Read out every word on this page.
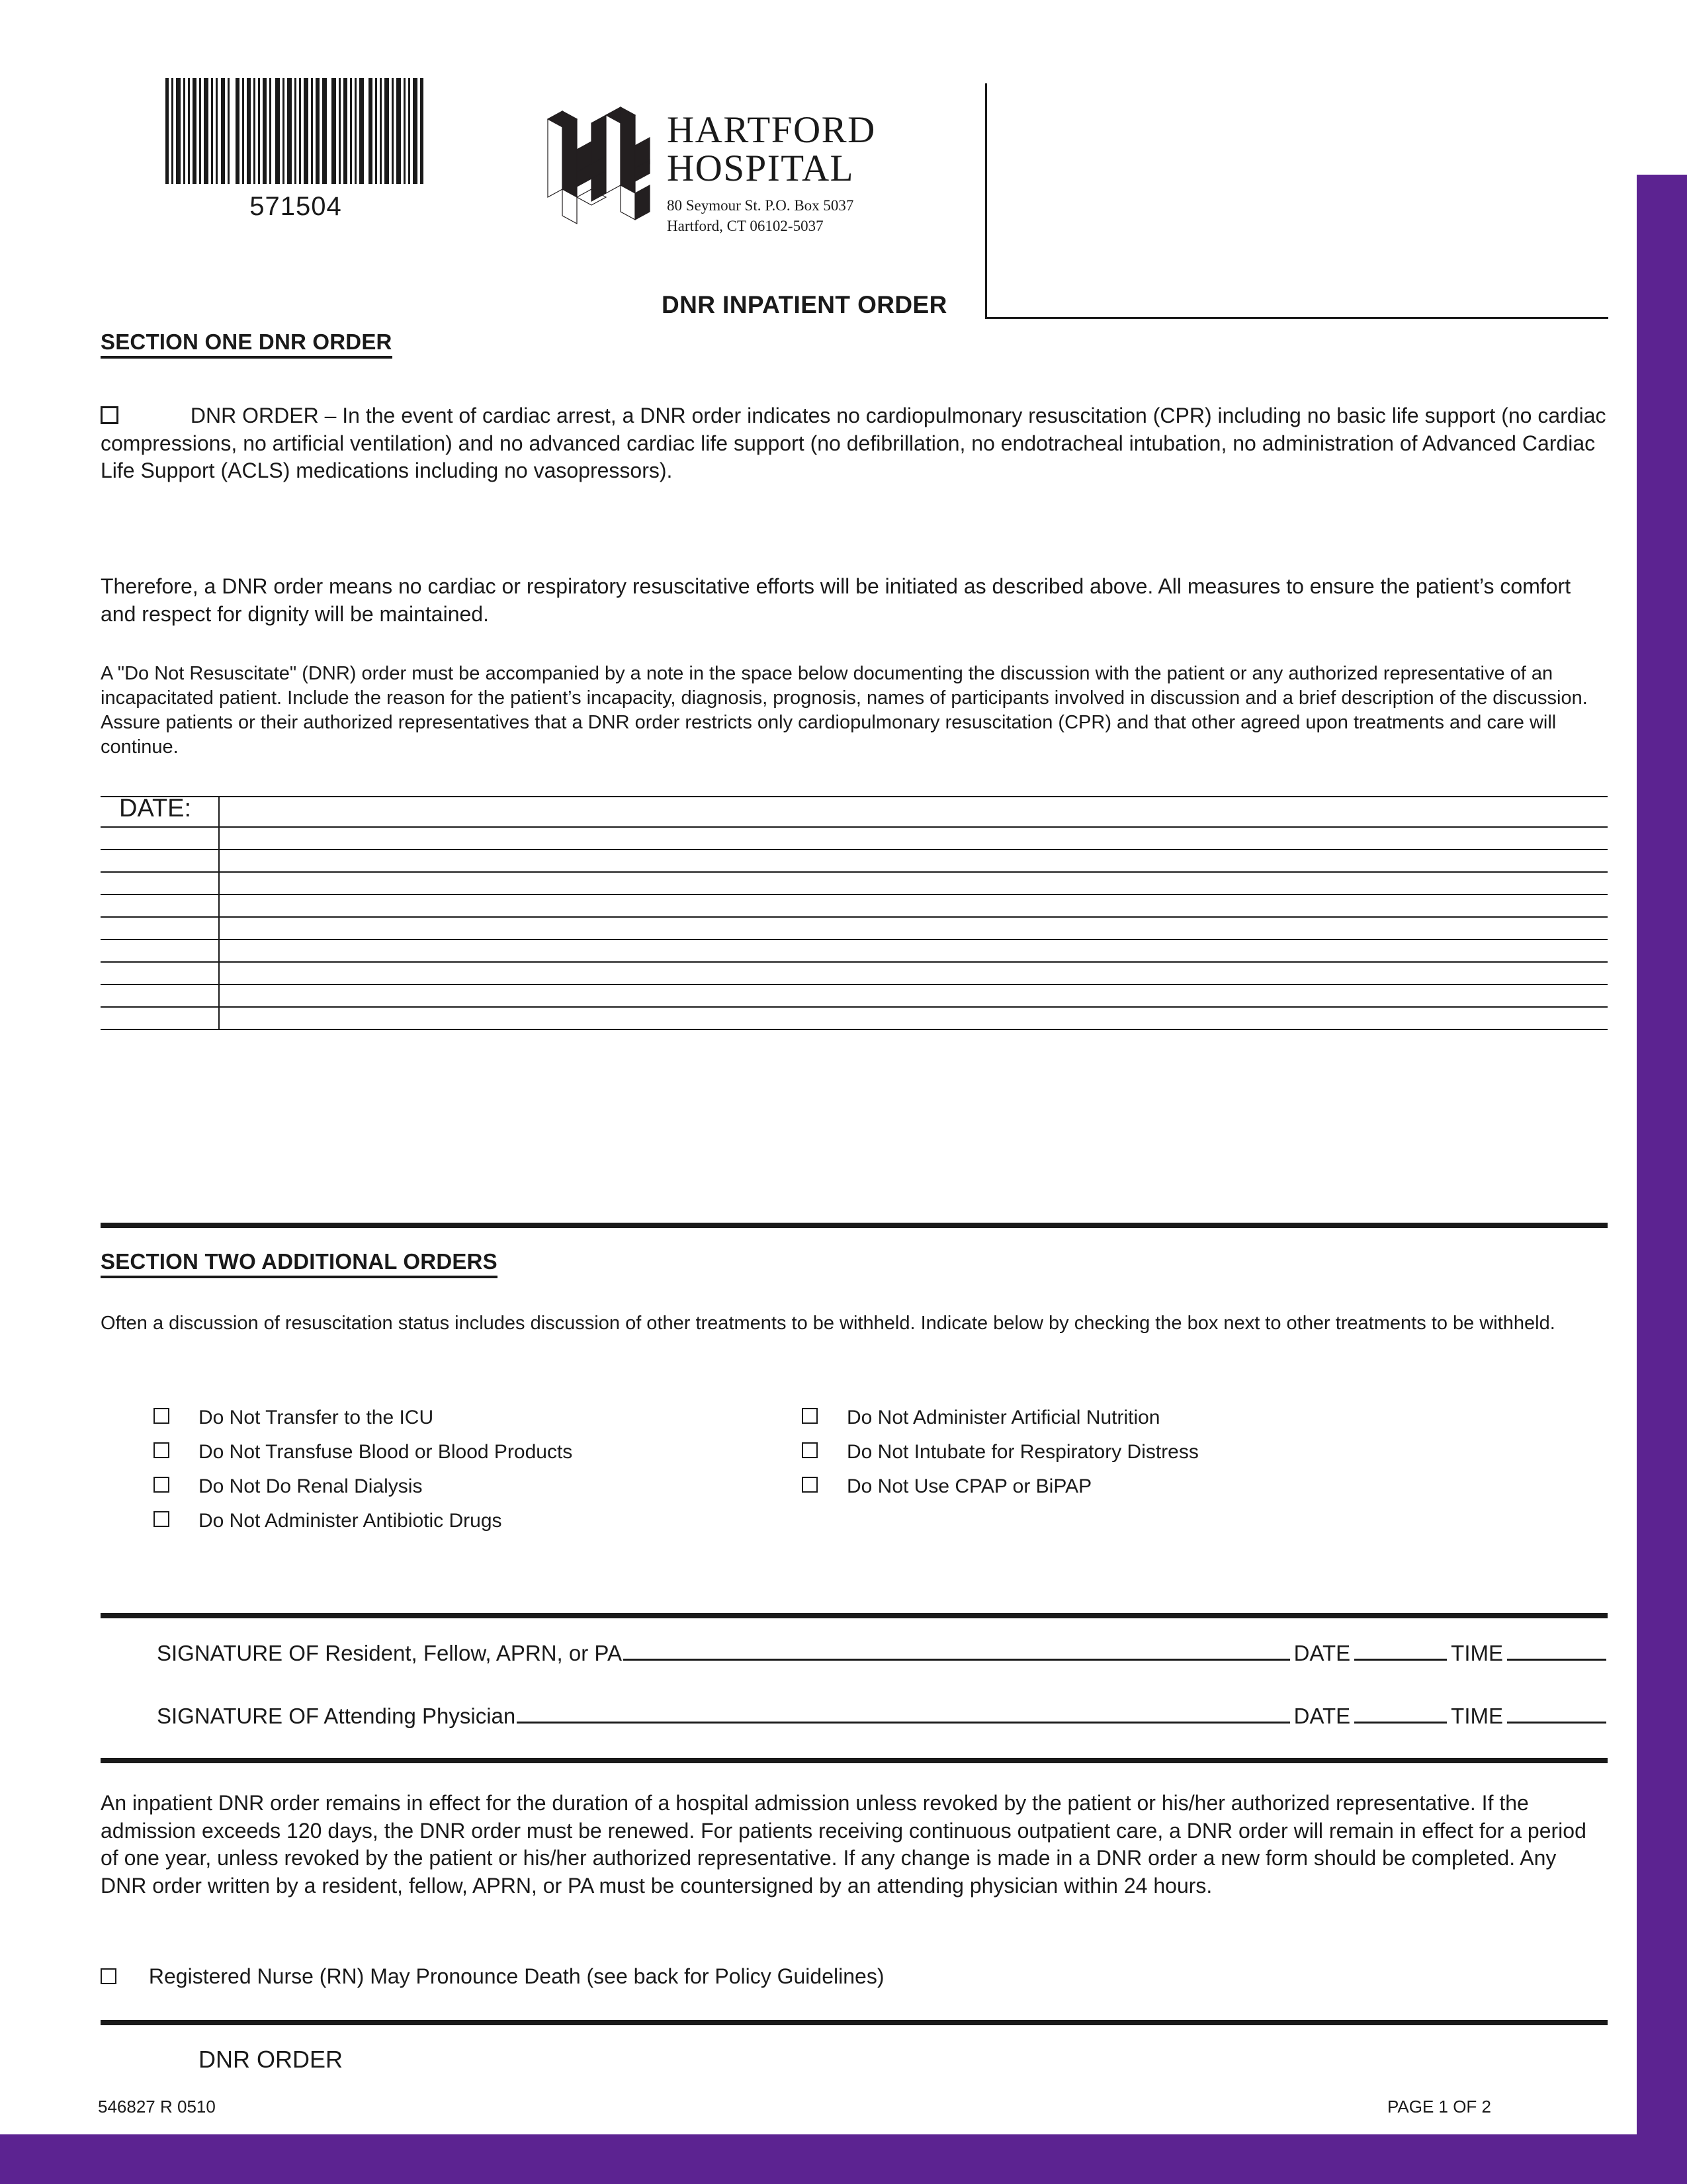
571504
HARTFORD
HOSPITAL
80 Seymour St. P.O. Box 5037
Hartford, CT 06102-5037
DNR INPATIENT ORDER
SECTION ONE DNR ORDER
DNR ORDER – In the event of cardiac arrest, a DNR order indicates no cardiopulmonary resuscitation (CPR) including no basic life support (no cardiac compressions, no artificial ventilation) and no advanced cardiac life support (no defibrillation, no endotracheal intubation, no administration of Advanced Cardiac Life Support (ACLS) medications including no vasopressors).
Therefore, a DNR order means no cardiac or respiratory resuscitative efforts will be initiated as described above. All measures to ensure the patient’s comfort and respect for dignity will be maintained.
A "Do Not Resuscitate" (DNR) order must be accompanied by a note in the space below documenting the discussion with the patient or any authorized representative of an incapacitated patient. Include the reason for the patient’s incapacity, diagnosis, prognosis, names of participants involved in discussion and a brief description of the discussion. Assure patients or their authorized representatives that a DNR order restricts only cardiopulmonary resuscitation (CPR) and that other agreed upon treatments and care will continue.
DATE:
SECTION TWO ADDITIONAL ORDERS
Often a discussion of resuscitation status includes discussion of other treatments to be withheld. Indicate below by checking the box next to other treatments to be withheld.
Do Not Transfer to the ICU	Do Not Administer Artificial Nutrition
Do Not Transfuse Blood or Blood Products	Do Not Intubate for Respiratory Distress
Do Not Do Renal Dialysis	Do Not Use CPAP or BiPAP
Do Not Administer Antibiotic Drugs
SIGNATURE OF Resident, Fellow, APRN, or PA	DATE	TIME
SIGNATURE OF Attending Physician	DATE	TIME
An inpatient DNR order remains in effect for the duration of a hospital admission unless revoked by the patient or his/her authorized representative. If the admission exceeds 120 days, the DNR order must be renewed. For patients receiving continuous outpatient care, a DNR order will remain in effect for a period of one year, unless revoked by the patient or his/her authorized representative. If any change is made in a DNR order a new form should be completed. Any DNR order written by a resident, fellow, APRN, or PA must be countersigned by an attending physician within 24 hours.
Registered Nurse (RN) May Pronounce Death (see back for Policy Guidelines)
DNR ORDER
546827 R 0510	PAGE 1 OF 2
